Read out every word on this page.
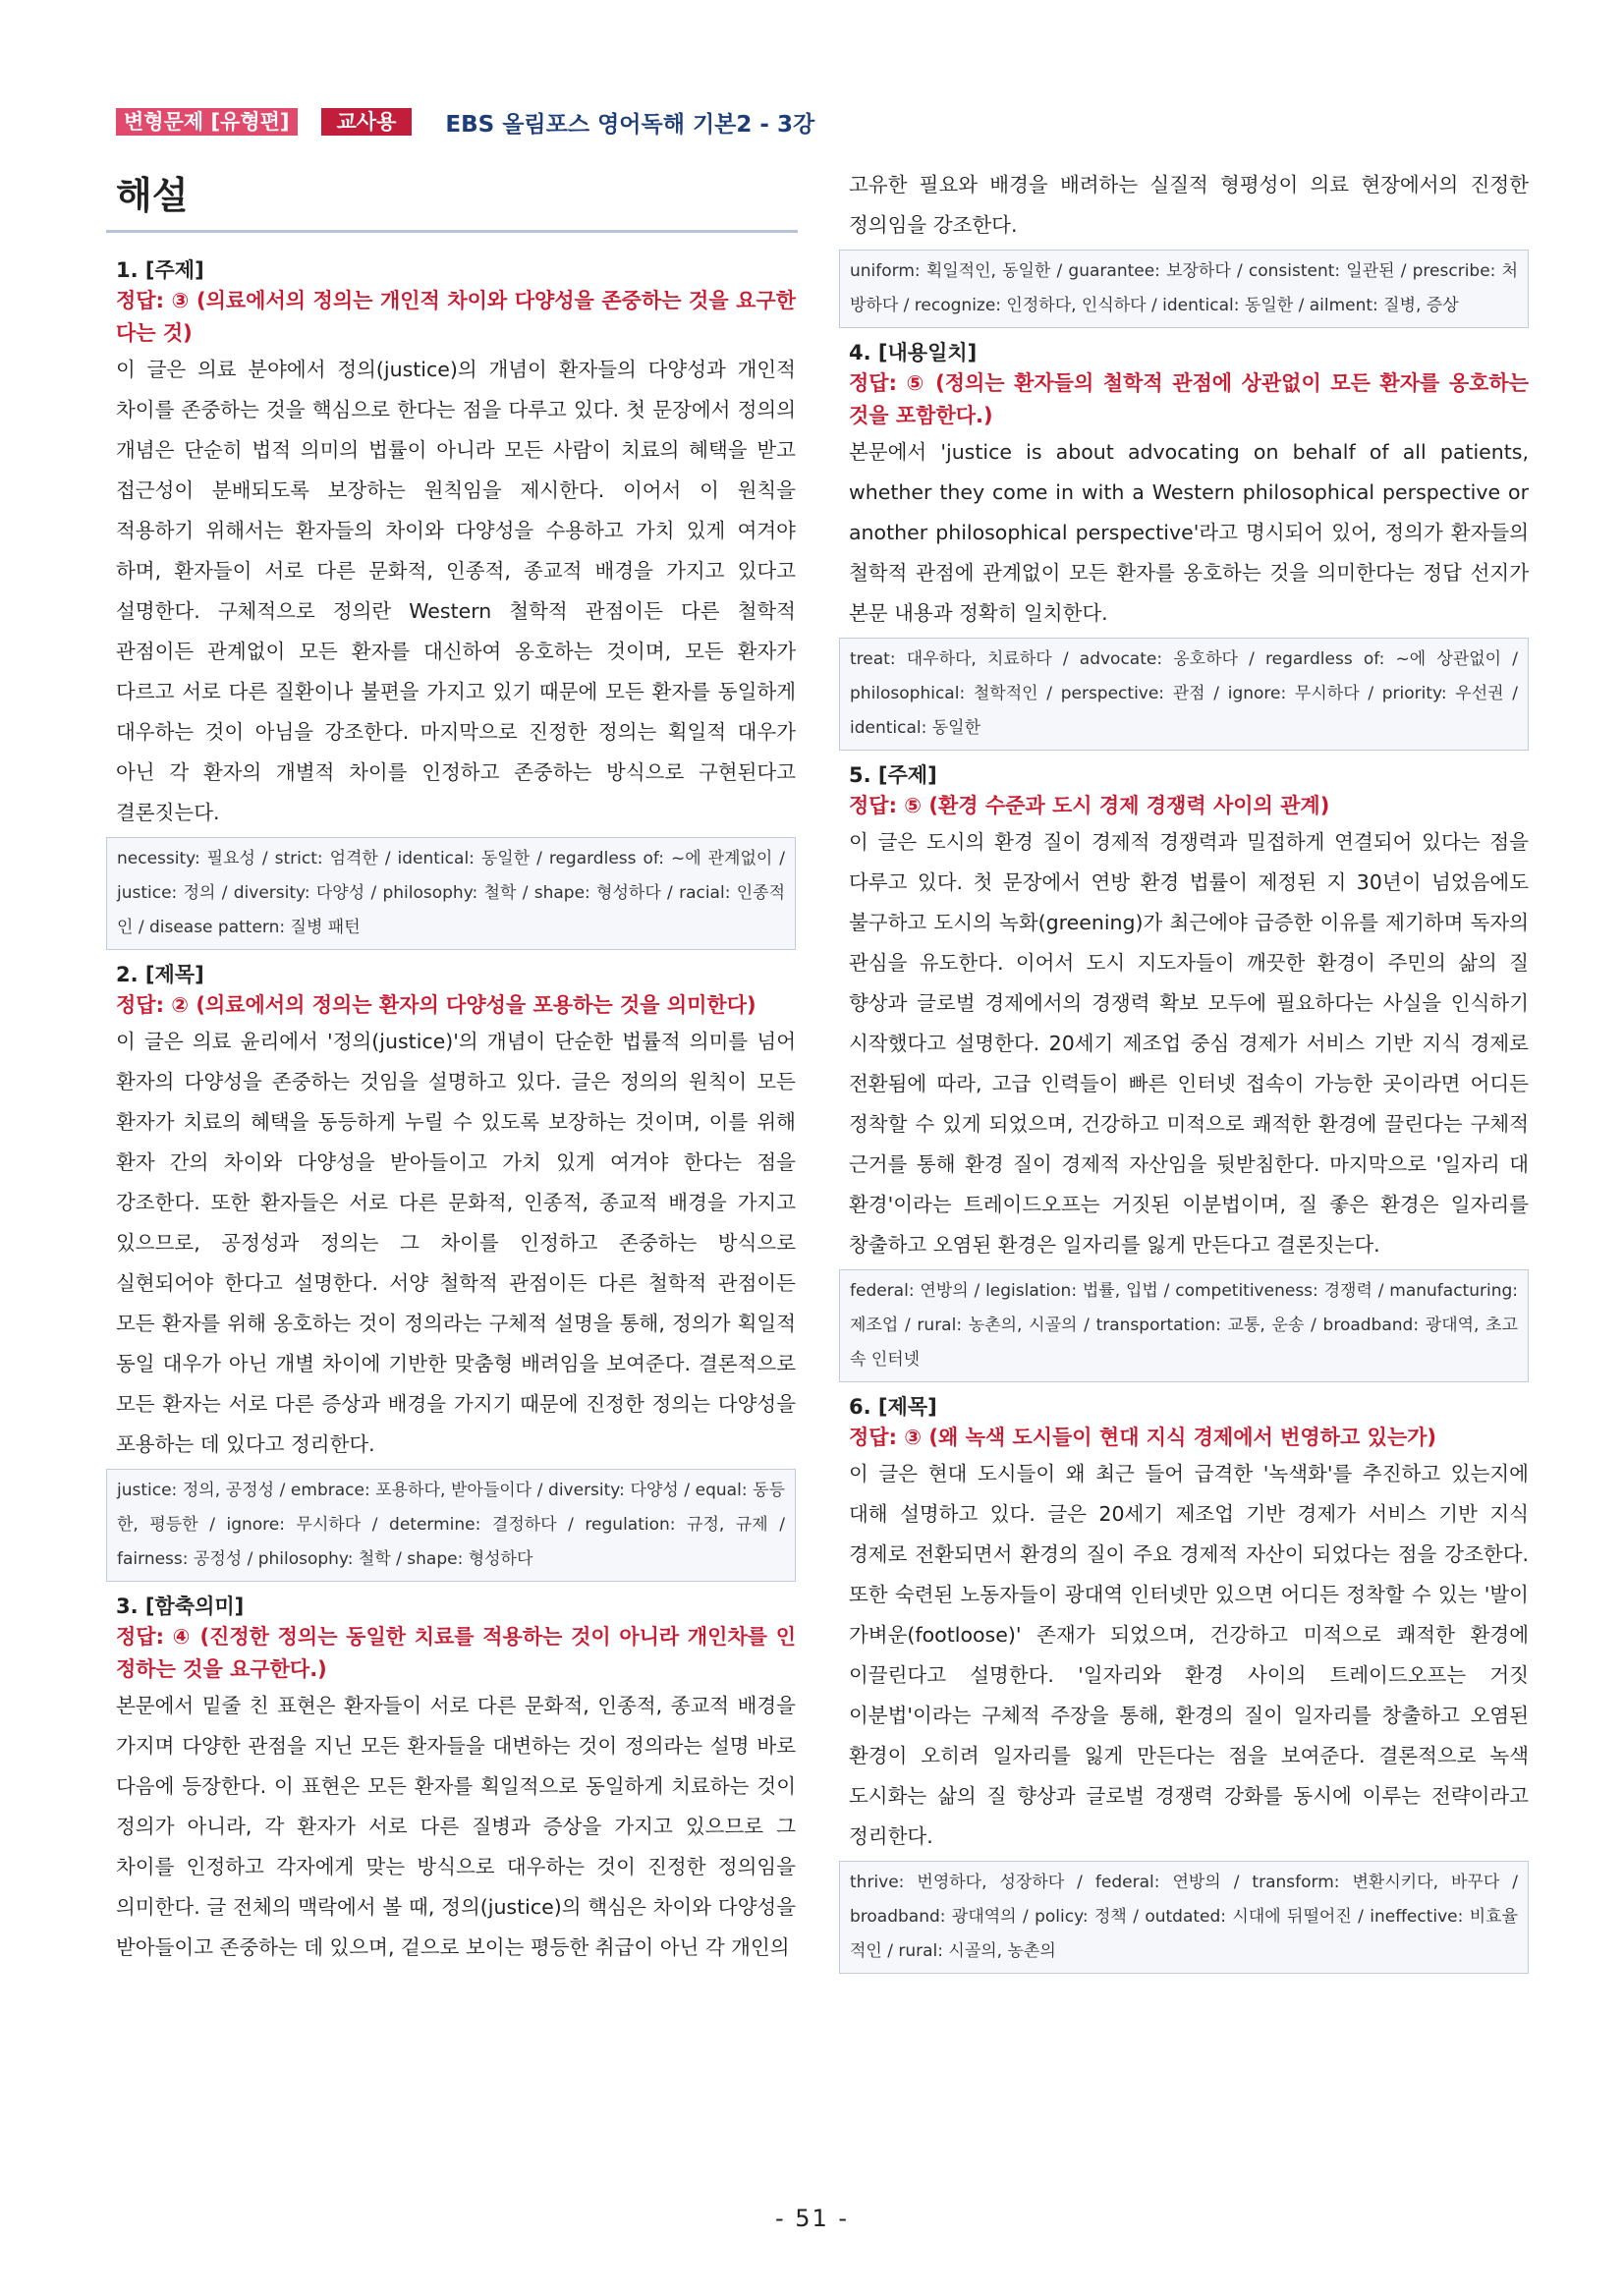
변형문제 [유형편]	교사용	EBS 올림포스 영어독해 기본2 - 3강
해설
1. [주제]
정답: ③ (의료에서의 정의는 개인적 차이와 다양성을 존중하는 것을 요구한다는 것)

이 글은 의료 분야에서 정의(justice)의 개념이 환자들의 다양성과 개인적 차이를 존중하는 것을 핵심으로 한다는 점을 다루고 있다. 첫 문장에서 정의의 개념은 단순히 법적 의미의 법률이 아니라 모든 사람이 치료의 혜택을 받고 접근성이 분배되도록 보장하는 원칙임을 제시한다. 이어서 이 원칙을 적용하기 위해서는 환자들의 차이와 다양성을 수용하고 가치 있게 여겨야 하며, 환자들이 서로 다른 문화적, 인종적, 종교적 배경을 가지고 있다고 설명한다. 구체적으로 정의란 Western 철학적 관점이든 다른 철학적 관점이든 관계없이 모든 환자를 대신하여 옹호하는 것이며, 모든 환자가 다르고 서로 다른 질환이나 불편을 가지고 있기 때문에 모든 환자를 동일하게 대우하는 것이 아님을 강조한다. 마지막으로 진정한 정의는 획일적 대우가 아닌 각 환자의 개별적 차이를 인정하고 존중하는 방식으로 구현된다고 결론짓는다.

necessity: 필요성 / strict: 엄격한 / identical: 동일한 / regardless of: ~에 관계없이 / justice: 정의 / diversity: 다양성 / philosophy: 철학 / shape: 형성하다 / racial: 인종적인 / disease pattern: 질병 패턴
2. [제목]
정답: ② (의료에서의 정의는 환자의 다양성을 포용하는 것을 의미한다)

이 글은 의료 윤리에서 '정의(justice)'의 개념이 단순한 법률적 의미를 넘어 환자의 다양성을 존중하는 것임을 설명하고 있다. 글은 정의의 원칙이 모든 환자가 치료의 혜택을 동등하게 누릴 수 있도록 보장하는 것이며, 이를 위해 환자 간의 차이와 다양성을 받아들이고 가치 있게 여겨야 한다는 점을 강조한다. 또한 환자들은 서로 다른 문화적, 인종적, 종교적 배경을 가지고 있으므로, 공정성과 정의는 그 차이를 인정하고 존중하는 방식으로 실현되어야 한다고 설명한다. 서양 철학적 관점이든 다른 철학적 관점이든 모든 환자를 위해 옹호하는 것이 정의라는 구체적 설명을 통해, 정의가 획일적 동일 대우가 아닌 개별 차이에 기반한 맞춤형 배려임을 보여준다. 결론적으로 모든 환자는 서로 다른 증상과 배경을 가지기 때문에 진정한 정의는 다양성을 포용하는 데 있다고 정리한다.

justice: 정의, 공정성 / embrace: 포용하다, 받아들이다 / diversity: 다양성 / equal: 동등한, 평등한 / ignore: 무시하다 / determine: 결정하다 / regulation: 규정, 규제 / fairness: 공정성 / philosophy: 철학 / shape: 형성하다
3. [함축의미]
정답: ④ (진정한 정의는 동일한 치료를 적용하는 것이 아니라 개인차를 인정하는 것을 요구한다.)

본문에서 밑줄 친 표현은 환자들이 서로 다른 문화적, 인종적, 종교적 배경을 가지며 다양한 관점을 지닌 모든 환자들을 대변하는 것이 정의라는 설명 바로 다음에 등장한다. 이 표현은 모든 환자를 획일적으로 동일하게 치료하는 것이 정의가 아니라, 각 환자가 서로 다른 질병과 증상을 가지고 있으므로 그 차이를 인정하고 각자에게 맞는 방식으로 대우하는 것이 진정한 정의임을 의미한다. 글 전체의 맥락에서 볼 때, 정의(justice)의 핵심은 차이와 다양성을 받아들이고 존중하는 데 있으며, 겉으로 보이는 평등한 취급이 아닌 각 개인의

고유한 필요와 배경을 배려하는 실질적 형평성이 의료 현장에서의 진정한 정의임을 강조한다.

uniform: 획일적인, 동일한 / guarantee: 보장하다 / consistent: 일관된 / prescribe: 처방하다 / recognize: 인정하다, 인식하다 / identical: 동일한 / ailment: 질병, 증상
4. [내용일치]
정답: ⑤ (정의는 환자들의 철학적 관점에 상관없이 모든 환자를 옹호하는 것을 포함한다.)

본문에서 'justice is about advocating on behalf of all patients, whether they come in with a Western philosophical perspective or another philosophical perspective'라고 명시되어 있어, 정의가 환자들의 철학적 관점에 관계없이 모든 환자를 옹호하는 것을 의미한다는 정답 선지가 본문 내용과 정확히 일치한다.

treat: 대우하다, 치료하다 / advocate: 옹호하다 / regardless of: ~에 상관없이 / philosophical: 철학적인 / perspective: 관점 / ignore: 무시하다 / priority: 우선권 / identical: 동일한
5. [주제]
정답: ⑤ (환경 수준과 도시 경제 경쟁력 사이의 관계)

이 글은 도시의 환경 질이 경제적 경쟁력과 밀접하게 연결되어 있다는 점을 다루고 있다. 첫 문장에서 연방 환경 법률이 제정된 지 30년이 넘었음에도 불구하고 도시의 녹화(greening)가 최근에야 급증한 이유를 제기하며 독자의 관심을 유도한다. 이어서 도시 지도자들이 깨끗한 환경이 주민의 삶의 질 향상과 글로벌 경제에서의 경쟁력 확보 모두에 필요하다는 사실을 인식하기 시작했다고 설명한다. 20세기 제조업 중심 경제가 서비스 기반 지식 경제로 전환됨에 따라, 고급 인력들이 빠른 인터넷 접속이 가능한 곳이라면 어디든 정착할 수 있게 되었으며, 건강하고 미적으로 쾌적한 환경에 끌린다는 구체적 근거를 통해 환경 질이 경제적 자산임을 뒷받침한다. 마지막으로 '일자리 대 환경'이라는 트레이드오프는 거짓된 이분법이며, 질 좋은 환경은 일자리를 창출하고 오염된 환경은 일자리를 잃게 만든다고 결론짓는다.

federal: 연방의 / legislation: 법률, 입법 / competitiveness: 경쟁력 / manufacturing: 제조업 / rural: 농촌의, 시골의 / transportation: 교통, 운송 / broadband: 광대역, 초고속 인터넷
6. [제목]
정답: ③ (왜 녹색 도시들이 현대 지식 경제에서 번영하고 있는가)

이 글은 현대 도시들이 왜 최근 들어 급격한 '녹색화'를 추진하고 있는지에 대해 설명하고 있다. 글은 20세기 제조업 기반 경제가 서비스 기반 지식 경제로 전환되면서 환경의 질이 주요 경제적 자산이 되었다는 점을 강조한다. 또한 숙련된 노동자들이 광대역 인터넷만 있으면 어디든 정착할 수 있는 '발이 가벼운(footloose)' 존재가 되었으며, 건강하고 미적으로 쾌적한 환경에 이끌린다고 설명한다. '일자리와 환경 사이의 트레이드오프는 거짓 이분법'이라는 구체적 주장을 통해, 환경의 질이 일자리를 창출하고 오염된 환경이 오히려 일자리를 잃게 만든다는 점을 보여준다. 결론적으로 녹색 도시화는 삶의 질 향상과 글로벌 경쟁력 강화를 동시에 이루는 전략이라고 정리한다.

thrive: 번영하다, 성장하다 / federal: 연방의 / transform: 변환시키다, 바꾸다 / broadband: 광대역의 / policy: 정책 / outdated: 시대에 뒤떨어진 / ineffective: 비효율적인 / rural: 시골의, 농촌의
- 51 -
